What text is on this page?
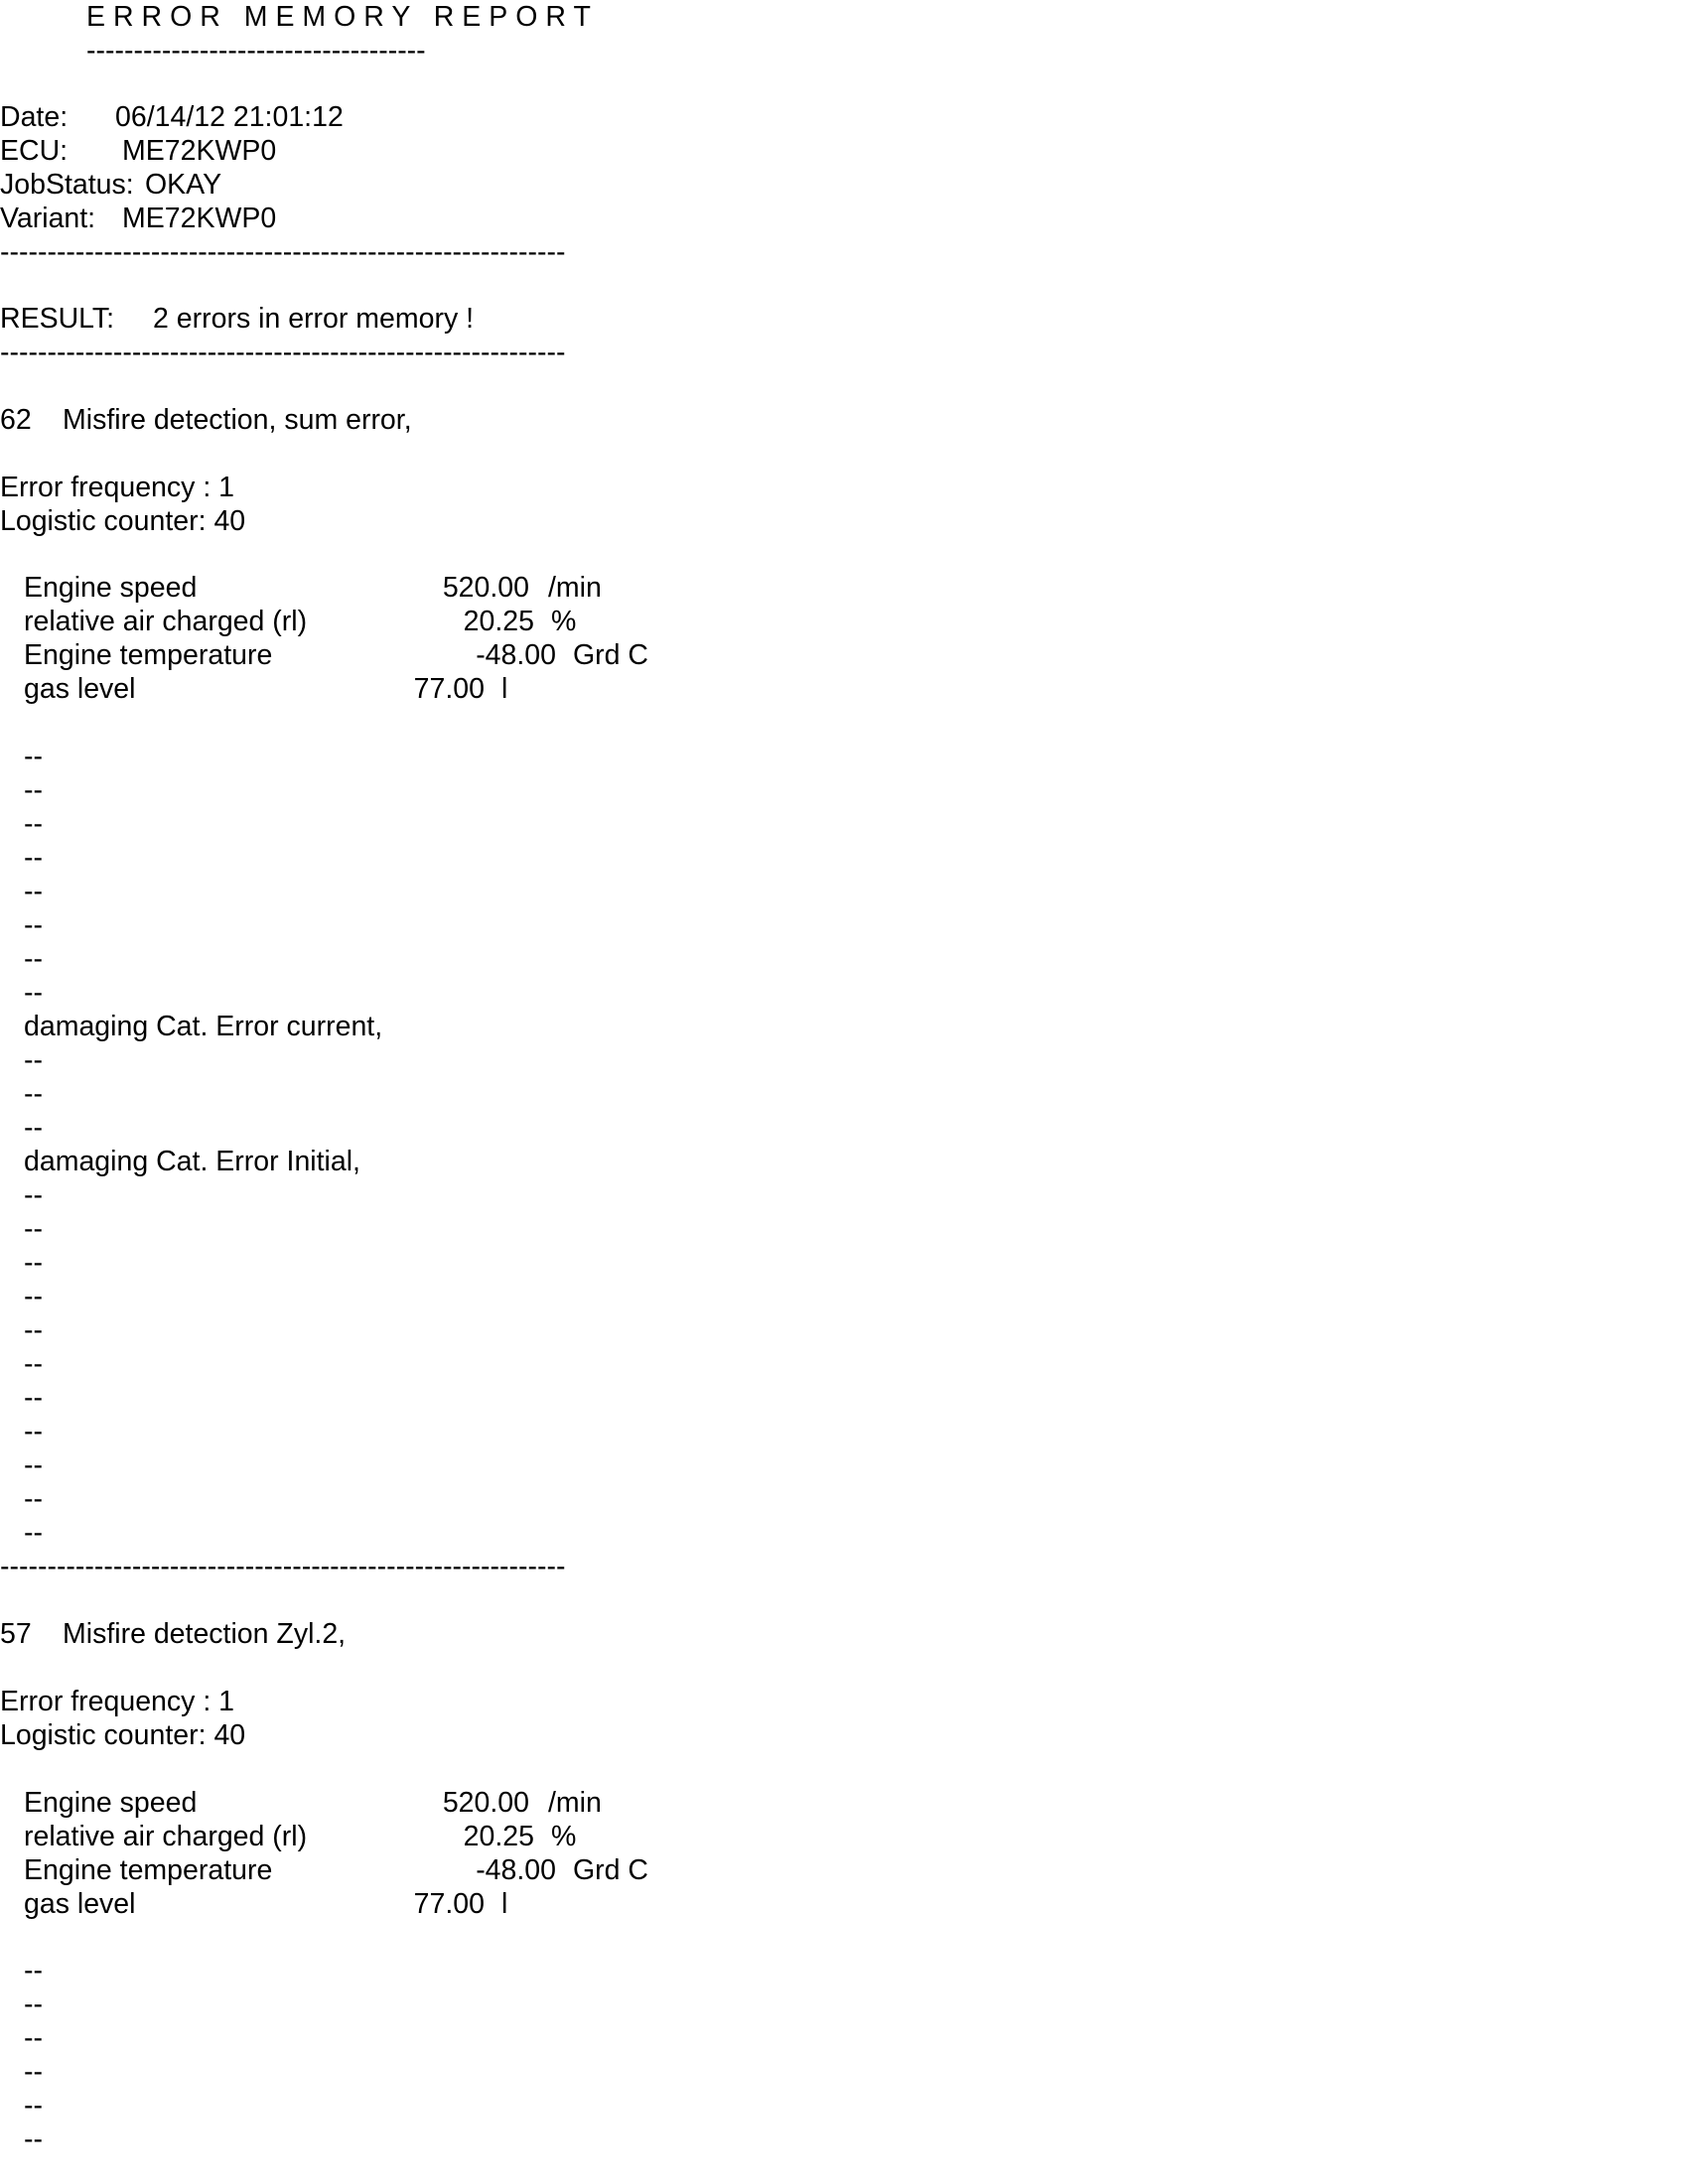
ERROR MEMORY REPORT
------------------------------------
Date: 06/14/12 21:01:12
ECU: ME72KWP0
JobStatus: OKAY
Variant: ME72KWP0
------------------------------------------------------------
RESULT: 2 errors in error memory !
------------------------------------------------------------
62 Misfire detection, sum error,
Error frequency : 1
Logistic counter: 40
Engine speed	520.00 /min
relative air charged (rl)	20.25 %
Engine temperature	-48.00 Grd C
gas level	77.00 l
--
--
--
--
--
--
--
--
damaging Cat. Error current,
--
--
--
damaging Cat. Error Initial,
--
--
--
--
--
--
--
--
--
--
--
------------------------------------------------------------
57 Misfire detection Zyl.2,
Error frequency : 1
Logistic counter: 40
Engine speed	520.00 /min
relative air charged (rl)	20.25 %
Engine temperature	-48.00 Grd C
gas level	77.00 l
--
--
--
--
--
--
